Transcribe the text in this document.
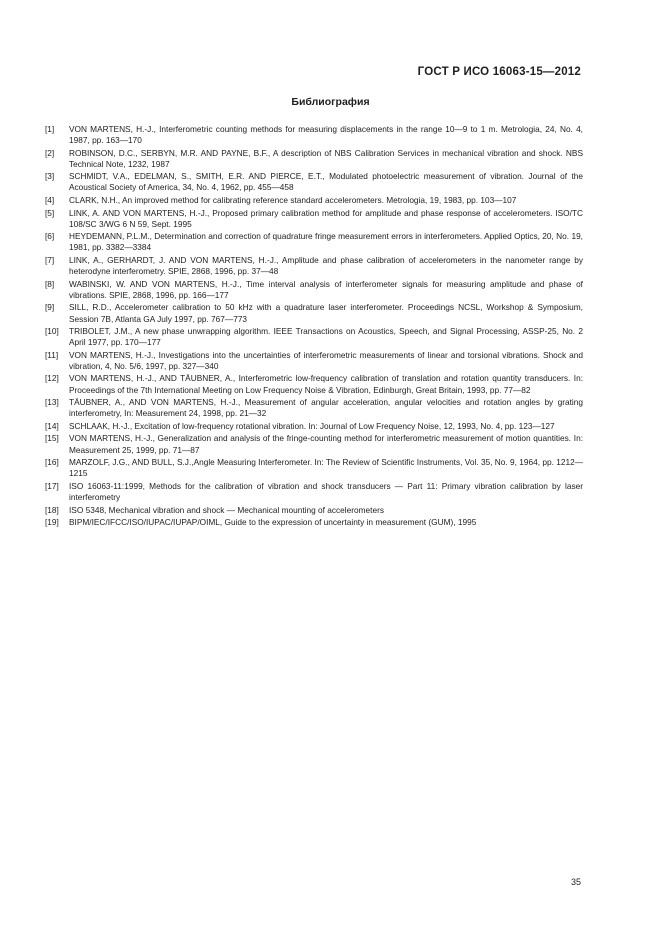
ГОСТ Р ИСО 16063-15—2012
Библиография
[1]	VON MARTENS, H.-J., Interferometric counting methods for measuring displacements in the range 10—9 to 1 m. Metrologia, 24, No. 4, 1987, pp. 163—170
[2]	ROBINSON, D.C., SERBYN, M.R. AND PAYNE, B.F., A description of NBS Calibration Services in mechanical vibration and shock. NBS Technical Note, 1232, 1987
[3]	SCHMIDT, V.A., EDELMAN, S., SMITH, E.R. AND PIERCE, E.T., Modulated photoelectric measurement of vibration. Journal of the Acoustical Society of America, 34, No. 4, 1962, pp. 455—458
[4]	CLARK, N.H., An improved method for calibrating reference standard accelerometers. Metrologia, 19, 1983, pp. 103—107
[5]	LINK, A. AND VON MARTENS, H.-J., Proposed primary calibration method for amplitude and phase response of accelerometers. ISO/TC 108/SC 3/WG 6 N 59, Sept. 1995
[6]	HEYDEMANN, P.L.M., Determination and correction of quadrature fringe measurement errors in interferometers. Applied Optics, 20, No. 19, 1981, pp. 3382—3384
[7]	LINK, A., GERHARDT, J. AND VON MARTENS, H.-J., Amplitude and phase calibration of accelerometers in the nanometer range by heterodyne interferometry. SPIE, 2868, 1996, pp. 37—48
[8]	WABINSKI, W. AND VON MARTENS, H.-J., Time interval analysis of interferometer signals for measuring amplitude and phase of vibrations. SPIE, 2868, 1996, pp. 166—177
[9]	SILL, R.D., Accelerometer calibration to 50 kHz with a quadrature laser interferometer. Proceedings NCSL, Workshop & Symposium, Session 7B, Atlanta GA July 1997, pp. 767—773
[10]	TRIBOLET, J.M., A new phase unwrapping algorithm. IEEE Transactions on Acoustics, Speech, and Signal Processing, ASSP-25, No. 2 April 1977, pp. 170—177
[11]	VON MARTENS, H.-J., Investigations into the uncertainties of interferometric measurements of linear and torsional vibrations. Shock and vibration, 4, No. 5/6, 1997, pp. 327—340
[12]	VON MARTENS, H.-J., AND TÄUBNER, A., Interferometric low-frequency calibration of translation and rotation quantity transducers. In: Proceedings of the 7th International Meeting on Low Frequency Noise & Vibration, Edinburgh, Great Britain, 1993, pp. 77—82
[13]	TÄUBNER, A., AND VON MARTENS, H.-J., Measurement of angular acceleration, angular velocities and rotation angles by grating interferometry, In: Measurement 24, 1998, pp. 21—32
[14]	SCHLAAK, H.-J., Excitation of low-frequency rotational vibration. In: Journal of Low Frequency Noise, 12, 1993, No. 4, pp. 123—127
[15]	VON MARTENS, H.-J., Generalization and analysis of the fringe-counting method for interferometric measurement of motion quantities. In: Measurement 25, 1999, pp. 71—87
[16]	MARZOLF, J.G., AND BULL, S.J.,Angle Measuring Interferometer. In: The Review of Scientific Instruments, Vol. 35, No. 9, 1964, pp. 1212—1215
[17]	ISO 16063-11:1999, Methods for the calibration of vibration and shock transducers — Part 11: Primary vibration calibration by laser interferometry
[18]	ISO 5348, Mechanical vibration and shock — Mechanical mounting of accelerometers
[19]	BIPM/IEC/IFCC/ISO/IUPAC/IUPAP/OIML, Guide to the expression of uncertainty in measurement (GUM), 1995
35
